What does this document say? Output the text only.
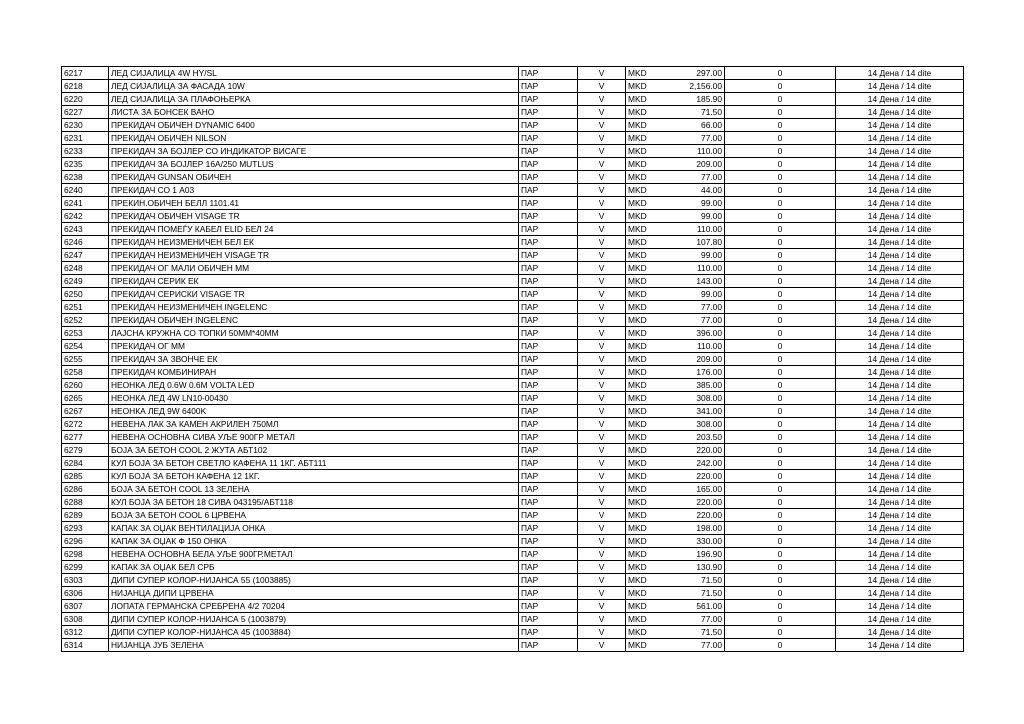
6217	ЛЕД СИЈАЛИЦА 4W HY/SL	ПАР	V	MKD	297.00	0	14 Дена / 14 dite
6218	ЛЕД СИЈАЛИЦА ЗА ФАСАДА 10W	ПАР	V	MKD	2,156.00	0	14 Дена / 14 dite
6220	ЛЕД СИЈАЛИЦА ЗА ПЛАФОЊЕРКА	ПАР	V	MKD	185.90	0	14 Дена / 14 dite
6227	ЛИСТА ЗА БОНСЕК ВАНО	ПАР	V	MKD	71.50	0	14 Дена / 14 dite
6230	ПРЕКИДАЧ ОБИЧЕН DYNAMIC 6400	ПАР	V	MKD	66.00	0	14 Дена / 14 dite
6231	ПРЕКИДАЧ ОБИЧЕН NILSON	ПАР	V	MKD	77.00	0	14 Дена / 14 dite
6233	ПРЕКИДАЧ ЗА БОЈЛЕР СО ИНДИКАТОР ВИСАГЕ	ПАР	V	MKD	110.00	0	14 Дена / 14 dite
6235	ПРЕКИДАЧ ЗА БОЈЛЕР 16А/250 MUTLUS	ПАР	V	MKD	209.00	0	14 Дена / 14 dite
6238	ПРЕКИДАЧ GUNSAN ОБИЧЕН	ПАР	V	MKD	77.00	0	14 Дена / 14 dite
6240	ПРЕКИДАЧ СО 1 А03	ПАР	V	MKD	44.00	0	14 Дена / 14 dite
6241	ПРЕКИН.ОБИЧЕН БЕЛЛ 1101.41	ПАР	V	MKD	99.00	0	14 Дена / 14 dite
6242	ПРЕКИДАЧ ОБИЧЕН VISAGE TR	ПАР	V	MKD	99.00	0	14 Дена / 14 dite
6243	ПРЕКИДАЧ ПОМЕЃУ КАБЕЛ ELID БЕЛ 24	ПАР	V	MKD	110.00	0	14 Дена / 14 dite
6246	ПРЕКИДАЧ НЕИЗМЕНИЧЕН БЕЛ ЕК	ПАР	V	MKD	107.80	0	14 Дена / 14 dite
6247	ПРЕКИДАЧ НЕИЗМЕНИЧЕН VISAGE TR	ПАР	V	MKD	99.00	0	14 Дена / 14 dite
6248	ПРЕКИДАЧ ОГ МАЛИ ОБИЧЕН ММ	ПАР	V	MKD	110.00	0	14 Дена / 14 dite
6249	ПРЕКИДАЧ СЕРИК ЕК	ПАР	V	MKD	143.00	0	14 Дена / 14 dite
6250	ПРЕКИДАЧ СЕРИСКИ VISAGE TR	ПАР	V	MKD	99.00	0	14 Дена / 14 dite
6251	ПРЕКИДАЧ НЕИЗМЕНИЧЕН INGELENC	ПАР	V	MKD	77.00	0	14 Дена / 14 dite
6252	ПРЕКИДАЧ ОБИЧЕН INGELENC	ПАР	V	MKD	77.00	0	14 Дена / 14 dite
6253	ЛАЈСНА КРУЖНА СО ТОПКИ 50ММ*40ММ	ПАР	V	MKD	396.00	0	14 Дена / 14 dite
6254	ПРЕКИДАЧ ОГ ММ	ПАР	V	MKD	110.00	0	14 Дена / 14 dite
6255	ПРЕКИДАЧ ЗА ЗВОНЧЕ ЕК	ПАР	V	MKD	209.00	0	14 Дена / 14 dite
6258	ПРЕКИДАЧ КОМБИНИРАН	ПАР	V	MKD	176.00	0	14 Дена / 14 dite
6260	НЕОНКА ЛЕД 0.6W 0.6M VOLTA LED	ПАР	V	MKD	385.00	0	14 Дена / 14 dite
6265	НЕОНКА ЛЕД 4W LN10-00430	ПАР	V	MKD	308.00	0	14 Дена / 14 dite
6267	НЕОНКА ЛЕД 9W 6400K	ПАР	V	MKD	341.00	0	14 Дена / 14 dite
6272	НЕВЕНА ЛАК ЗА КАМЕН АКРИЛЕН 750МЛ	ПАР	V	MKD	308.00	0	14 Дена / 14 dite
6277	НЕВЕНА ОСНОВНА СИВА УЉЕ 900ГР МЕТАЛ	ПАР	V	MKD	203.50	0	14 Дена / 14 dite
6279	БОЈА ЗА БЕТОН COOL 2 ЖУТА АБТ102	ПАР	V	MKD	220.00	0	14 Дена / 14 dite
6284	КУЛ БОЈА ЗА БЕТОН СВЕТЛО КАФЕНА 11 1КГ. АБТ111	ПАР	V	MKD	242.00	0	14 Дена / 14 dite
6285	КУЛ БОЈА ЗА БЕТОН КАФЕНА 12 1КГ.	ПАР	V	MKD	220.00	0	14 Дена / 14 dite
6286	БОЈА ЗА БЕТОН COOL 13 ЗЕЛЕНА	ПАР	V	MKD	165.00	0	14 Дена / 14 dite
6288	КУЛ БОЈА ЗА БЕТОН 18 СИВА 043195/АБТ118	ПАР	V	MKD	220.00	0	14 Дена / 14 dite
6289	БОЈА ЗА БЕТОН COOL 6 ЦРВЕНА	ПАР	V	MKD	220.00	0	14 Дена / 14 dite
6293	КАПАК ЗА ОЏАК ВЕНТИЛАЦИЈА ОНКА	ПАР	V	MKD	198.00	0	14 Дена / 14 dite
6296	КАПАК ЗА ОЏАК Ф 150 ОНКА	ПАР	V	MKD	330.00	0	14 Дена / 14 dite
6298	НЕВЕНА ОСНОВНА БЕЛА УЉЕ 900ГР.МЕТАЛ	ПАР	V	MKD	196.90	0	14 Дена / 14 dite
6299	КАПАК ЗА ОЏАК БЕЛ СРБ	ПАР	V	MKD	130.90	0	14 Дена / 14 dite
6303	ДИПИ СУПЕР КОЛОР-НИЈАНСА 55 (1003885)	ПАР	V	MKD	71.50	0	14 Дена / 14 dite
6306	НИЈАНЦА ДИПИ ЦРВЕНА	ПАР	V	MKD	71.50	0	14 Дена / 14 dite
6307	ЛОПАТА ГЕРМАНСКА СРЕБРЕНА 4/2 70204	ПАР	V	MKD	561.00	0	14 Дена / 14 dite
6308	ДИПИ СУПЕР КОЛОР-НИЈАНСА 5 (1003879)	ПАР	V	MKD	77.00	0	14 Дена / 14 dite
6312	ДИПИ СУПЕР КОЛОР-НИЈАНСА 45 (1003884)	ПАР	V	MKD	71.50	0	14 Дена / 14 dite
6314	НИЈАНЦА ЈУБ ЗЕЛЕНА	ПАР	V	MKD	77.00	0	14 Дена / 14 dite
